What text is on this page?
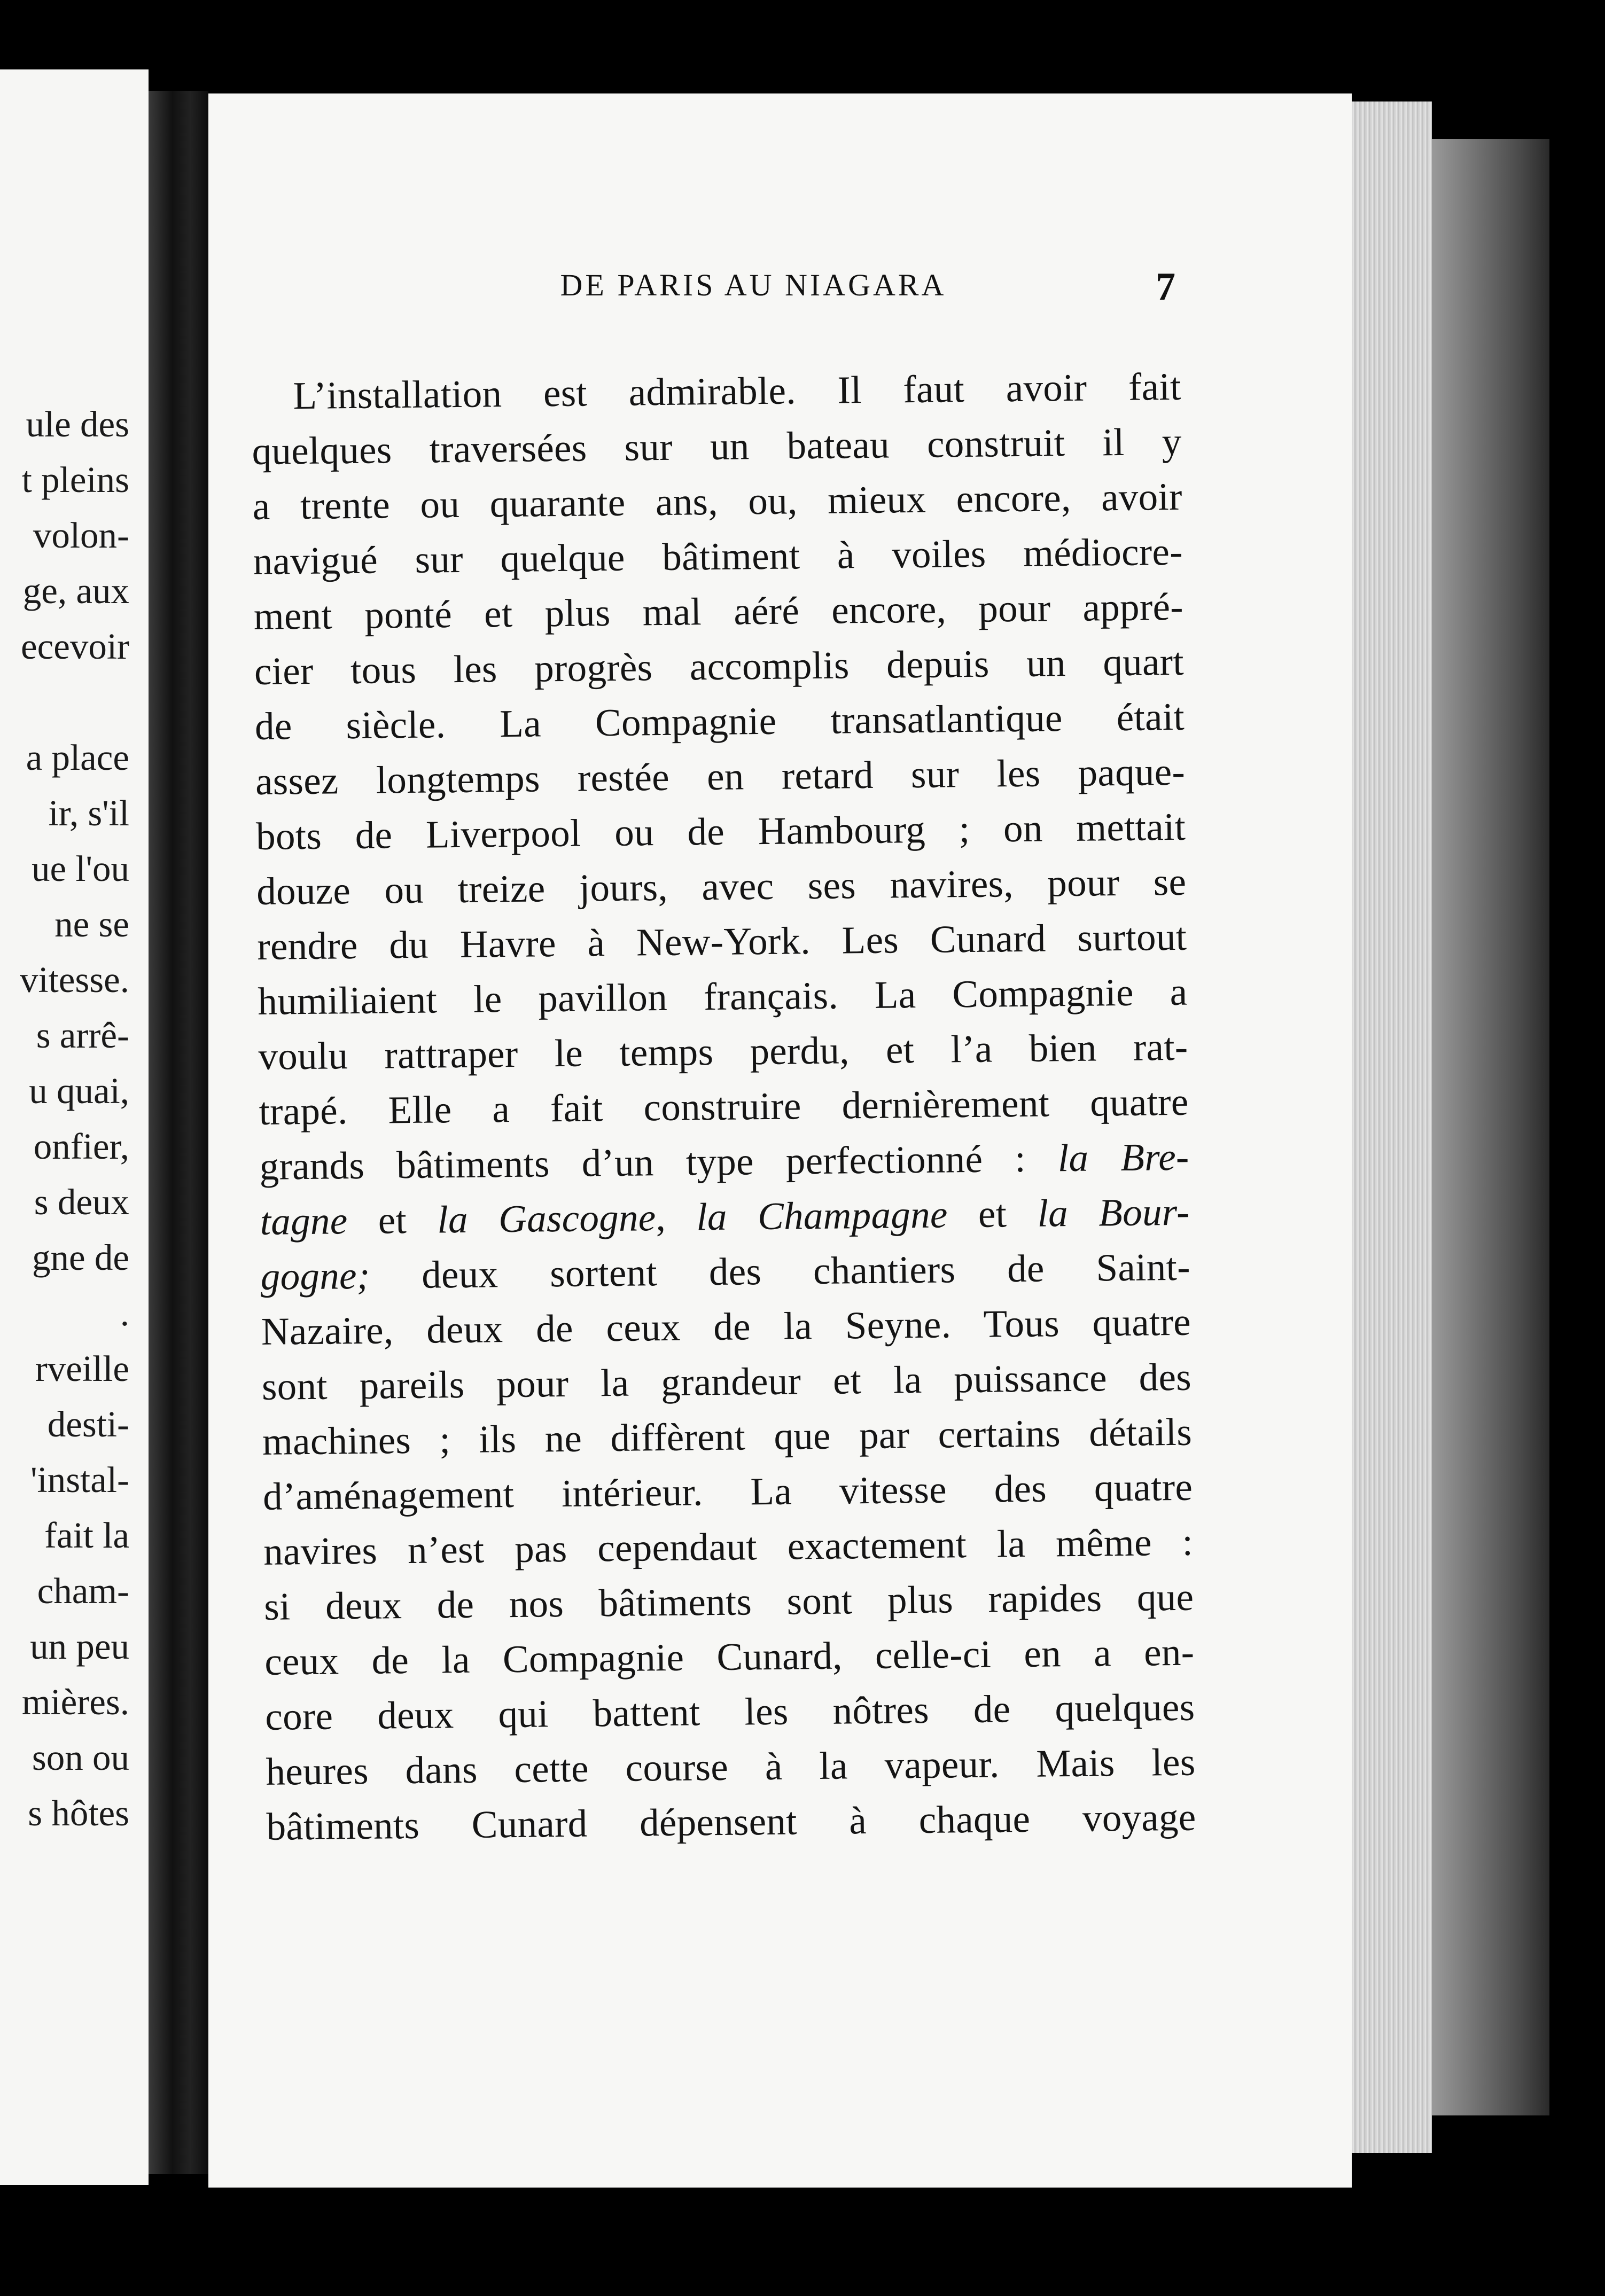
ule des
t pleins
volon-
ge, aux
ecevoir
a place
ir, s'il
ue l'ou
ne se
vitesse.
s arrê-
u quai,
onfier,
s deux
gne de
.
rveille
desti-
'instal-
fait la
cham-
un peu
mières.
son ou
s hôtes
DE PARIS AU NIAGARA	7
L’installation est admirable. Il faut avoir fait
quelques traversées sur un bateau construit il y
a trente ou quarante ans, ou, mieux encore, avoir
navigué sur quelque bâtiment à voiles médiocre-
ment ponté et plus mal aéré encore, pour appré-
cier tous les progrès accomplis depuis un quart
de siècle. La Compagnie transatlantique était
assez longtemps restée en retard sur les paque-
bots de Liverpool ou de Hambourg ; on mettait
douze ou treize jours, avec ses navires, pour se
rendre du Havre à New-York. Les Cunard surtout
humiliaient le pavillon français. La Compagnie a
voulu rattraper le temps perdu, et l’a bien rat-
trapé. Elle a fait construire dernièrement quatre
grands bâtiments d’un type perfectionné : la Bre-
tagne et la Gascogne, la Champagne et la Bour-
gogne; deux sortent des chantiers de Saint-
Nazaire, deux de ceux de la Seyne. Tous quatre
sont pareils pour la grandeur et la puissance des
machines ; ils ne diffèrent que par certains détails
d’aménagement intérieur. La vitesse des quatre
navires n’est pas cependaut exactement la même :
si deux de nos bâtiments sont plus rapides que
ceux de la Compagnie Cunard, celle-ci en a en-
core deux qui battent les nôtres de quelques
heures dans cette course à la vapeur. Mais les
bâtiments Cunard dépensent à chaque voyage
